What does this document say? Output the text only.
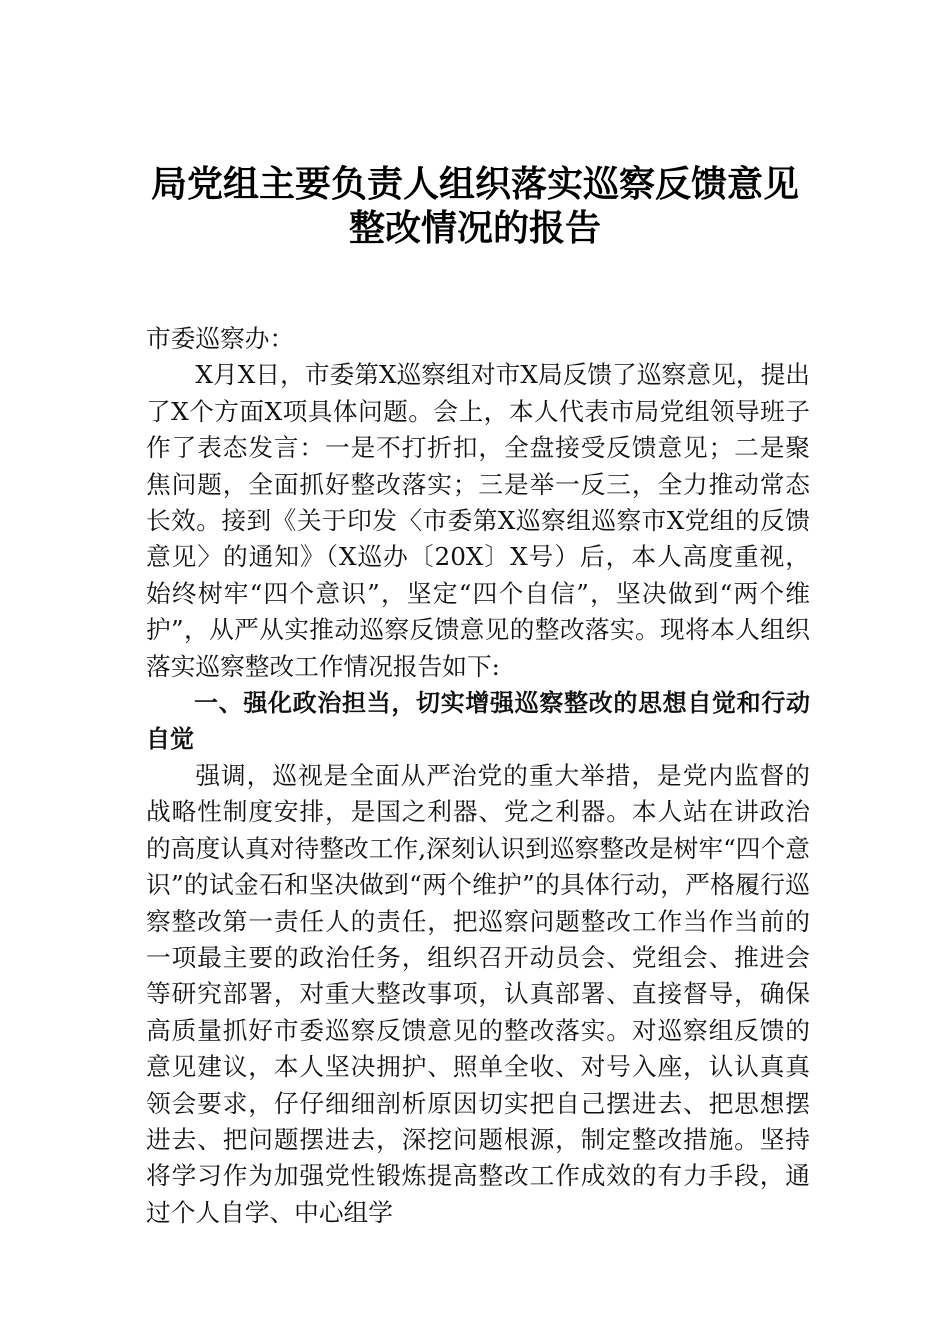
局党组主要负责人组织落实巡察反馈意见
整改情况的报告

市委巡察办：

X月X日，市委第X巡察组对市X局反馈了巡察意见，提出了X个方面X项具体问题。会上，本人代表市局党组领导班子作了表态发言：一是不打折扣，全盘接受反馈意见；二是聚焦问题，全面抓好整改落实；三是举一反三，全力推动常态长效。接到《关于印发〈市委第X巡察组巡察市X党组的反馈意见〉的通知》（X巡办〔20X〕X号）后，本人高度重视，始终树牢“四个意识”，坚定“四个自信”，坚决做到“两个维护”，从严从实推动巡察反馈意见的整改落实。现将本人组织落实巡察整改工作情况报告如下:

一、强化政治担当，切实增强巡察整改的思想自觉和行动自觉

强调，巡视是全面从严治党的重大举措，是党内监督的战略性制度安排，是国之利器、党之利器。本人站在讲政治的高度认真对待整改工作,深刻认识到巡察整改是树牢“四个意识”的试金石和坚决做到“两个维护”的具体行动，严格履行巡察整改第一责任人的责任，把巡察问题整改工作当作当前的一项最主要的政治任务，组织召开动员会、党组会、推进会等研究部署，对重大整改事项，认真部署、直接督导，确保高质量抓好市委巡察反馈意见的整改落实。对巡察组反馈的意见建议，本人坚决拥护、照单全收、对号入座，认认真真领会要求，仔仔细细剖析原因切实把自己摆进去、把思想摆进去、把问题摆进去，深挖问题根源，制定整改措施。坚持将学习作为加强党性锻炼提高整改工作成效的有力手段，通过个人自学、中心组学
